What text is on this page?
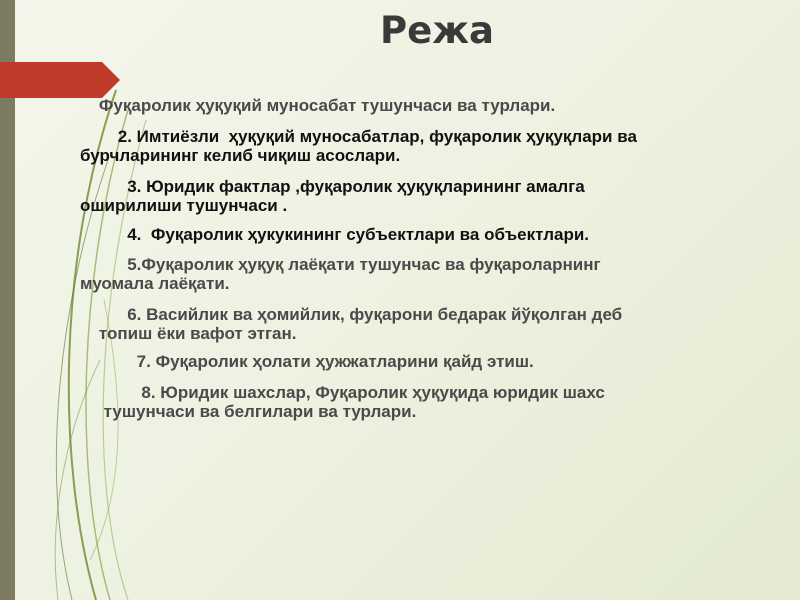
Режа

Фуқаролик ҳуқуқий муносабат тушунчаси ва турлари.

2. Имтиёзли  ҳуқуқий муносабатлар, фуқаролик ҳуқуқлари ва
бурчларининг келиб чиқиш асослари.

3. Юридик фактлар ,фуқаролик ҳуқуқларининг амалга
oширилиши тушунчаси .

4.  Фуқаролик ҳукукининг субъектлари ва объектлари.

5.Фуқаролик ҳуқуқ лаёқати тушунчас ва фуқароларнинг
муомала лаёқати.

6. Васийлик ва ҳомийлик, фуқарони бедарак йўқолган деб
топиш ёки вафот этган.

7. Фуқаролик ҳолати ҳужжатларини қайд этиш.

8. Юридик шахслар, Фуқаролик ҳуқуқида юридик шахс
тушунчаси ва белгилари ва турлари.
